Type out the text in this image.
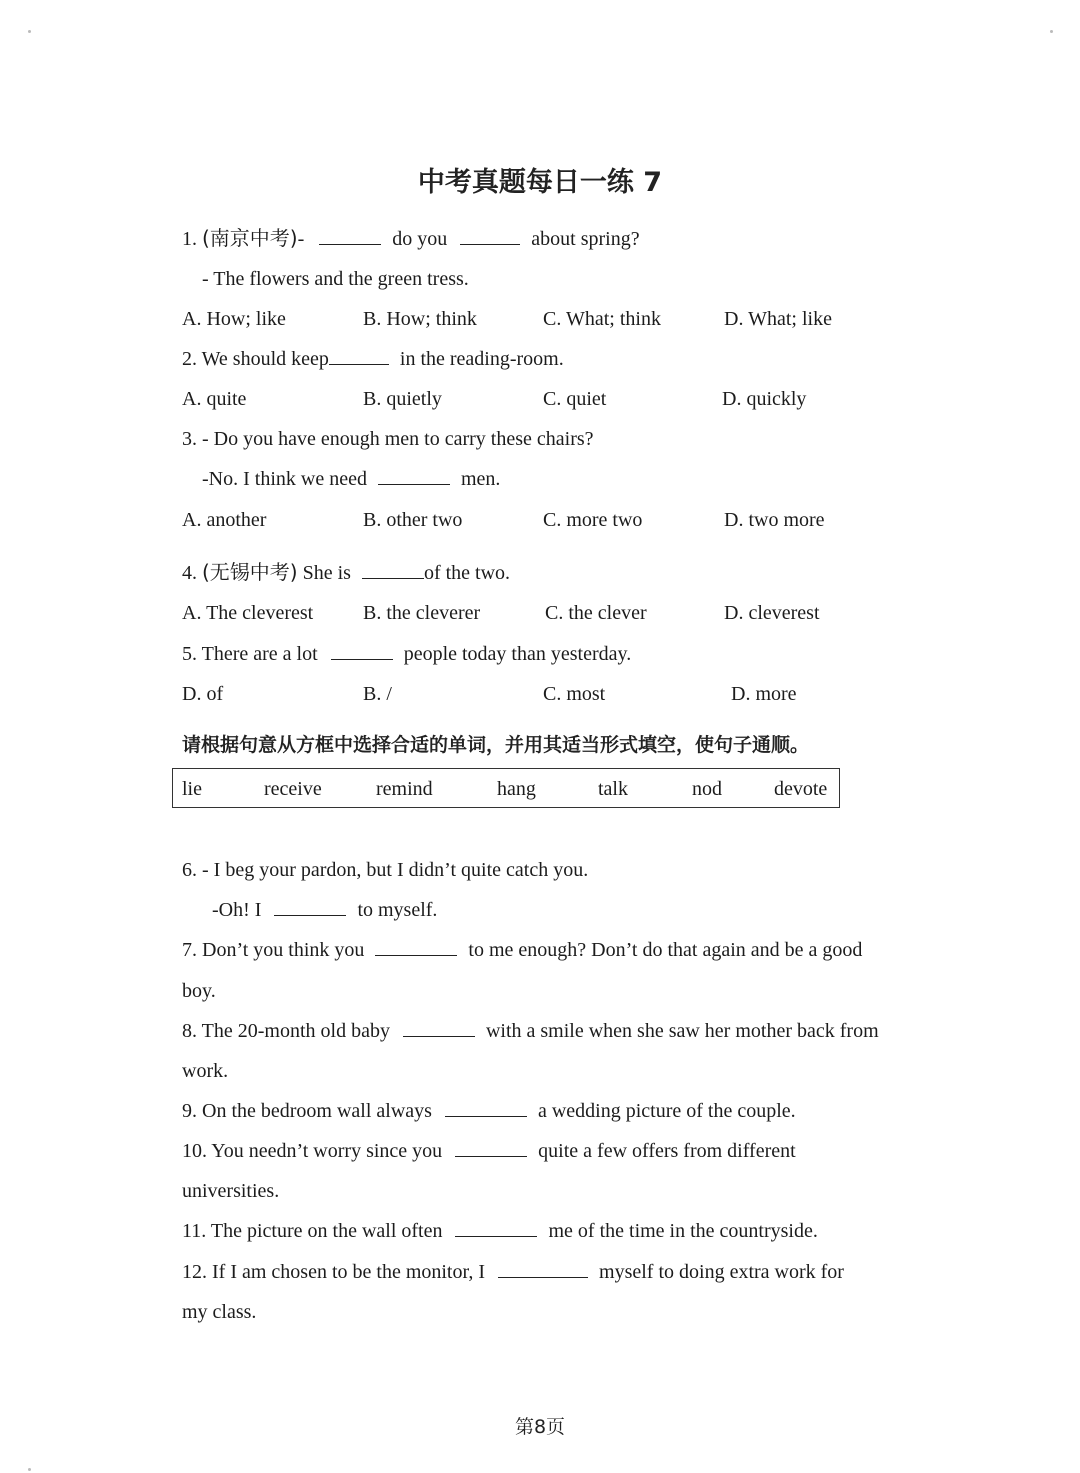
中考真题每日一练 7
1. (南京中考)-	do you	about spring?
- The flowers and the green tress.
A. How; like	B. How; think	C. What; think	D. What; like
2. We should keep	in the reading-room.
A. quite	B. quietly	C. quiet	D. quickly
3. - Do you have enough men to carry these chairs?
-No. I think we need	men.
A. another	B. other two	C. more two	D. two more
4. (无锡中考) She is	of the two.
A. The cleverest B. the cleverer	C. the clever	D. cleverest
5. There are a lot	people today than yesterday.
D. of	B. /	C. most	D. more
请根据句意从方框中选择合适的单词，并用其适当形式填空，使句子通顺。
lie	receive	remind	hang	talk	nod	devote
6. - I beg your pardon, but I didn’t quite catch you.
-Oh! I	to myself.
7. Don’t you think you	to me enough? Don’t do that again and be a good
boy.
8. The 20-month old baby	with a smile when she saw her mother back from
work.
9. On the bedroom wall always	a wedding picture of the couple.
10. You needn’t worry since you	quite a few offers from different
universities.
11. The picture on the wall often	me of the time in the countryside.
12. If I am chosen to be the monitor, I	myself to doing extra work for
my class.
第8页
